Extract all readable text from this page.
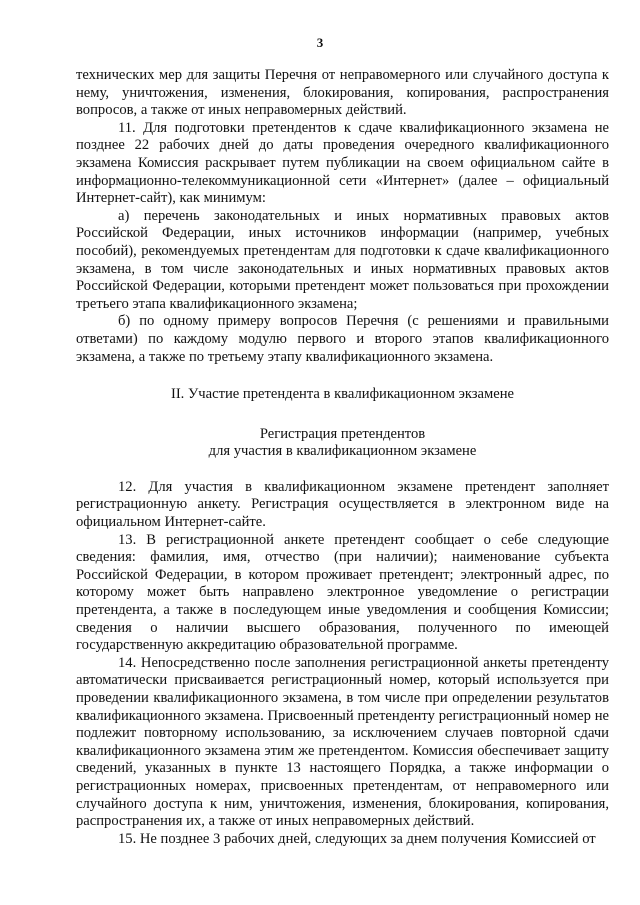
3

технических мер для защиты Перечня от неправомерного или случайного доступа к нему, уничтожения, изменения, блокирования, копирования, распространения вопросов, а также от иных неправомерных действий.

11. Для подготовки претендентов к сдаче квалификационного экзамена не позднее 22 рабочих дней до даты проведения очередного квалификационного экзамена Комиссия раскрывает путем публикации на своем официальном сайте в информационно-телекоммуникационной сети «Интернет» (далее – официальный Интернет-сайт), как минимум:

а) перечень законодательных и иных нормативных правовых актов Российской Федерации, иных источников информации (например, учебных пособий), рекомендуемых претендентам для подготовки к сдаче квалификационного экзамена, в том числе законодательных и иных нормативных правовых актов Российской Федерации, которыми претендент может пользоваться при прохождении третьего этапа квалификационного экзамена;

б) по одному примеру вопросов Перечня (с решениями и правильными ответами) по каждому модулю первого и второго этапов квалификационного экзамена, а также по третьему этапу квалификационного экзамена.

II. Участие претендента в квалификационном экзамене

Регистрация претендентов
для участия в квалификационном экзамене

12. Для участия в квалификационном экзамене претендент заполняет регистрационную анкету. Регистрация осуществляется в электронном виде на официальном Интернет-сайте.

13. В регистрационной анкете претендент сообщает о себе следующие сведения: фамилия, имя, отчество (при наличии); наименование субъекта Российской Федерации, в котором проживает претендент; электронный адрес, по которому может быть направлено электронное уведомление о регистрации претендента, а также в последующем иные уведомления и сообщения Комиссии; сведения о наличии высшего образования, полученного по имеющей государственную аккредитацию образовательной программе.

14. Непосредственно после заполнения регистрационной анкеты претенденту автоматически присваивается регистрационный номер, который используется при проведении квалификационного экзамена, в том числе при определении результатов квалификационного экзамена. Присвоенный претенденту регистрационный номер не подлежит повторному использованию, за исключением случаев повторной сдачи квалификационного экзамена этим же претендентом. Комиссия обеспечивает защиту сведений, указанных в пункте 13 настоящего Порядка, а также информации о регистрационных номерах, присвоенных претендентам, от неправомерного или случайного доступа к ним, уничтожения, изменения, блокирования, копирования, распространения их, а также от иных неправомерных действий.

15. Не позднее 3 рабочих дней, следующих за днем получения Комиссией от
